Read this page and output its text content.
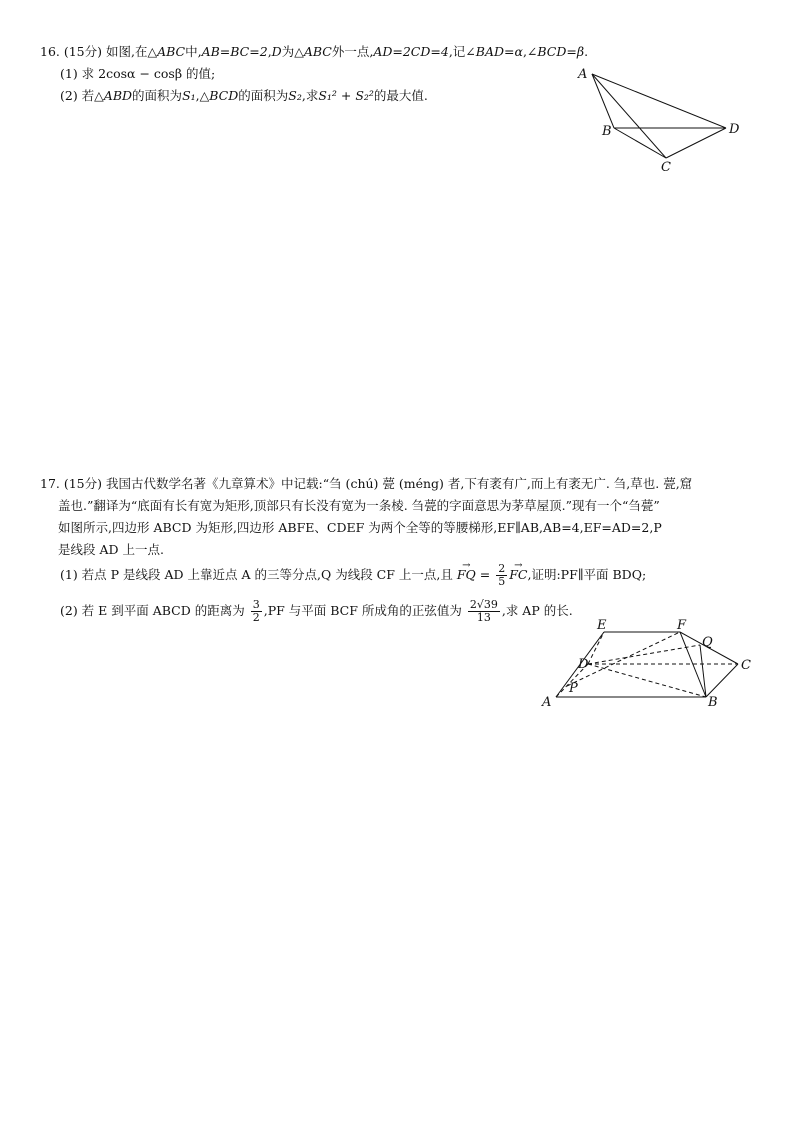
16. (15分) 如图,在△ABC中,AB=BC=2,D为△ABC外一点,AD=2CD=4,记∠BAD=α,∠BCD=β.
(1) 求 2cosα − cosβ 的值;
(2) 若△ABD的面积为S₁,△BCD的面积为S₂,求S₁² + S₂²的最大值.
A
B
C
D
17. (15分) 我国古代数学名著《九章算术》中记载:“刍 (chú) 甍 (méng) 者,下有袤有广,而上有袤无广. 刍,草也. 甍,窟
盖也.”翻译为“底面有长有宽为矩形,顶部只有长没有宽为一条棱. 刍甍的字面意思为茅草屋顶.”现有一个“刍甍”
如图所示,四边形 ABCD 为矩形,四边形 ABFE、CDEF 为两个全等的等腰梯形,EF∥AB,AB=4,EF=AD=2,P
是线段 AD 上一点.
(1) 若点 P 是线段 AD 上靠近点 A 的三等分点,Q 为线段 CF 上一点,且 → FQ = $\frac{2}{5}$ → FC,证明:PF∥平面 BDQ;
(2) 若 E 到平面 ABCD 的距离为 $\frac{3}{2} ,PF$ 与平面 BCF 所成角的正弦值为 $\frac{2√39}{13}$ ,求 AP 的长.
E	F
Q
C
D
P
A	B
